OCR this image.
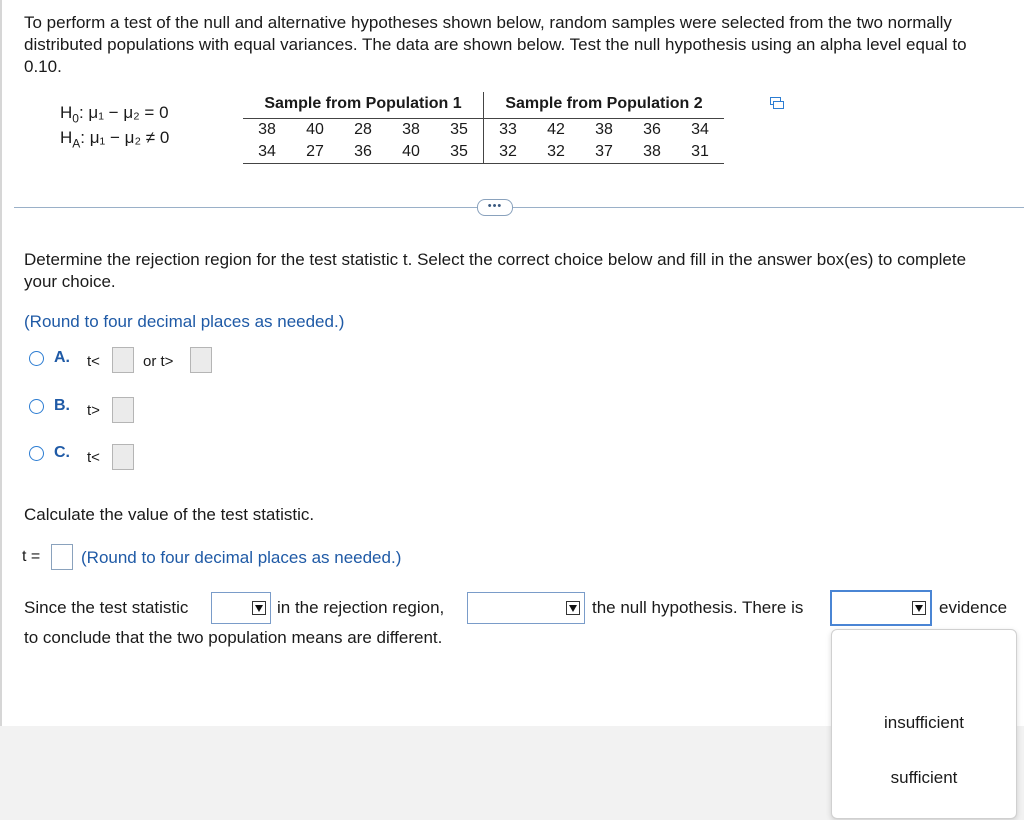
To perform a test of the null and alternative hypotheses shown below, random samples were selected from the two normally distributed populations with equal variances. The data are shown below. Test the null hypothesis using an alpha level equal to 0.10.
$H_0$: μ₁ − μ₂ = 0
$H_A$: μ₁ − μ₂ ≠ 0
Sample from Population 1					Sample from Population 2				
38	40	28	38	35	33	42	38	36	34
34	27	36	40	35	32	32	37	38	31
•••
Determine the rejection region for the test statistic t. Select the correct choice below and fill in the answer box(es) to complete your choice.
(Round to four decimal places as needed.)
A. t<	or t>
B. t>
C. t<
Calculate the value of the test statistic.
t = (Round to four decimal places as needed.)
Since the test statistic	in the rejection region,	the null hypothesis. There is	evidence
to conclude that the two population means are different.
insufficient
sufficient
